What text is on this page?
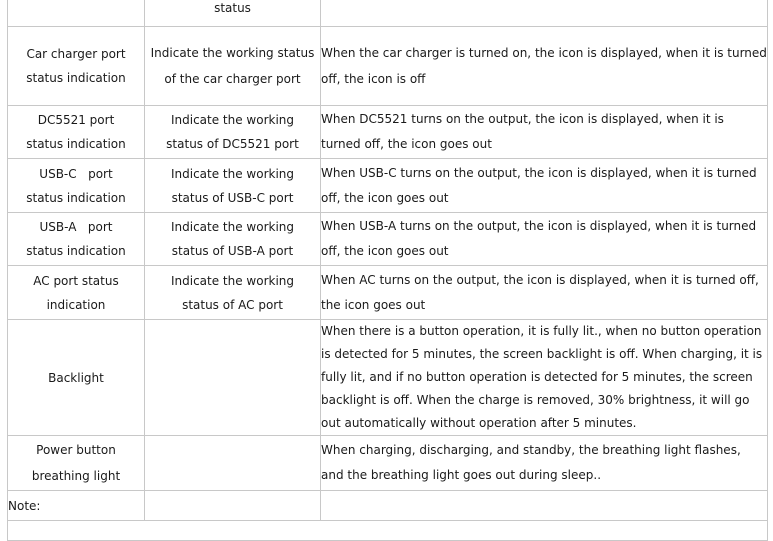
	status	
Car charger port status indication	Indicate the working status of the car charger port	When the car charger is turned on, the icon is displayed, when it is turned off, the icon is off
DC5521 port status indication	Indicate the working status of DC5521 port	When DC5521 turns on the output, the icon is displayed, when it is turned off, the icon goes out
USB-C   port status indication	Indicate the working status of USB-C port	When USB-C turns on the output, the icon is displayed, when it is turned off, the icon goes out
USB-A   port status indication	Indicate the working status of USB-A port	When USB-A turns on the output, the icon is displayed, when it is turned off, the icon goes out
AC port status indication	Indicate the working status of AC port	When AC turns on the output, the icon is displayed, when it is turned off, the icon goes out
Backlight		When there is a button operation, it is fully lit., when no button operation is detected for 5 minutes, the screen backlight is off. When charging, it is fully lit, and if no button operation is detected for 5 minutes, the screen backlight is off. When the charge is removed, 30% brightness, it will go out automatically without operation after 5 minutes.
Power button breathing light		When charging, discharging, and standby, the breathing light flashes, and the breathing light goes out during sleep..
Note:		
